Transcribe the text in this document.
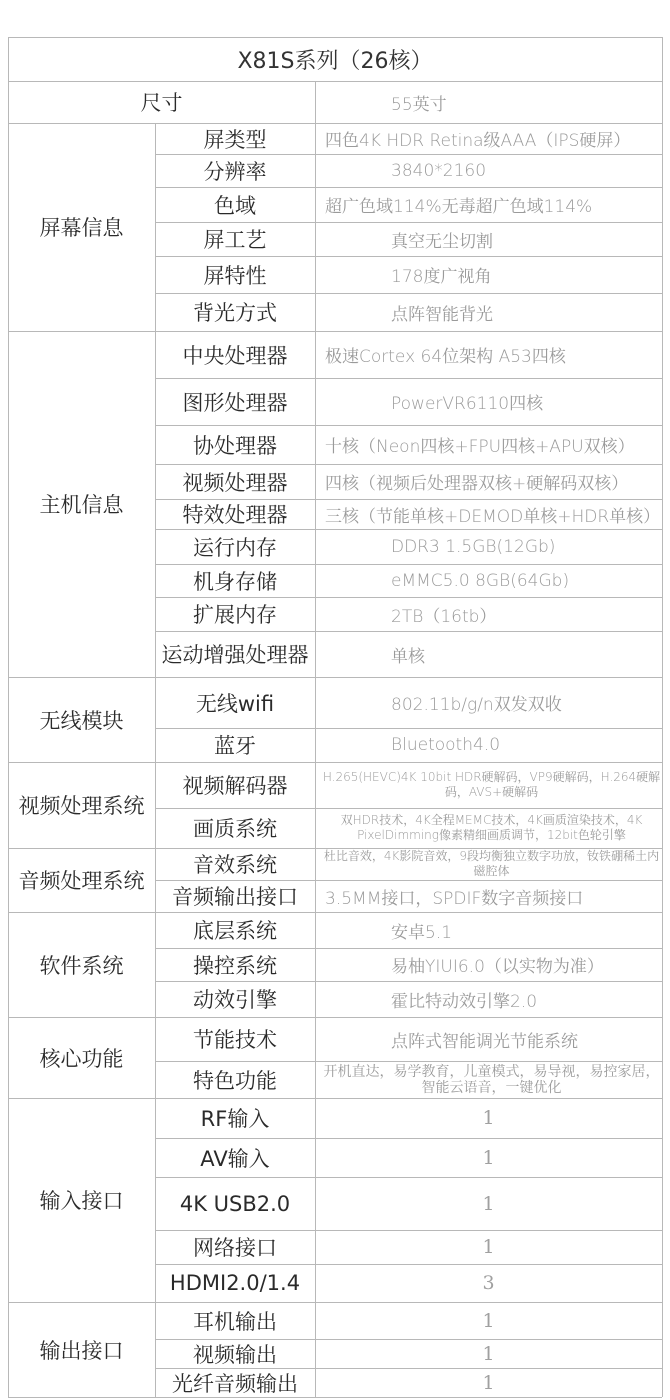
X81S系列（26核）
尺寸	55英寸
屏幕信息
屏类型	四色4K HDR Retina级AAA（IPS硬屏）
分辨率	3840*2160
色域	超广色域114%无毒超广色域114%
屏工艺	真空无尘切割
屏特性	178度广视角
背光方式	点阵智能背光
主机信息
中央处理器	极速Cortex 64位架构 A53四核
图形处理器	PowerVR6110四核
协处理器	十核（Neon四核+FPU四核+APU双核）
视频处理器	四核（视频后处理器双核+硬解码双核）
特效处理器	三核（节能单核+DEMOD单核+HDR单核）
运行内存	DDR3 1.5GB(12Gb)
机身存储	eMMC5.0 8GB(64Gb)
扩展内存	2TB（16tb）
运动增强处理器	单核
无线模块
无线wifi	802.11b/g/n双发双收
蓝牙	Bluetooth4.0
视频处理系统
视频解码器	H.265(HEVC)4K 10bit HDR硬解码，VP9硬解码，H.264硬解码，AVS+硬解码
画质系统	双HDR技术，4K全程MEMC技术，4K画质渲染技术，4K PixelDimming像素精细画质调节，12bit色轮引擎
音频处理系统
音效系统	杜比音效，4K影院音效，9段均衡独立数字功放，钕铁硼稀土内磁腔体
音频输出接口	3.5MM接口，SPDIF数字音频接口
软件系统
底层系统	安卓5.1
操控系统	易柚YIUI6.0（以实物为准）
动效引擎	霍比特动效引擎2.0
核心功能
节能技术	点阵式智能调光节能系统
特色功能	开机直达，易学教育，儿童模式，易导视，易控家居，智能云语音，一键优化
输入接口
RF输入	1
AV输入	1
4K USB2.0	1
网络接口	1
HDMI2.0/1.4	3
输出接口
耳机输出	1
视频输出	1
光纤音频输出	1
